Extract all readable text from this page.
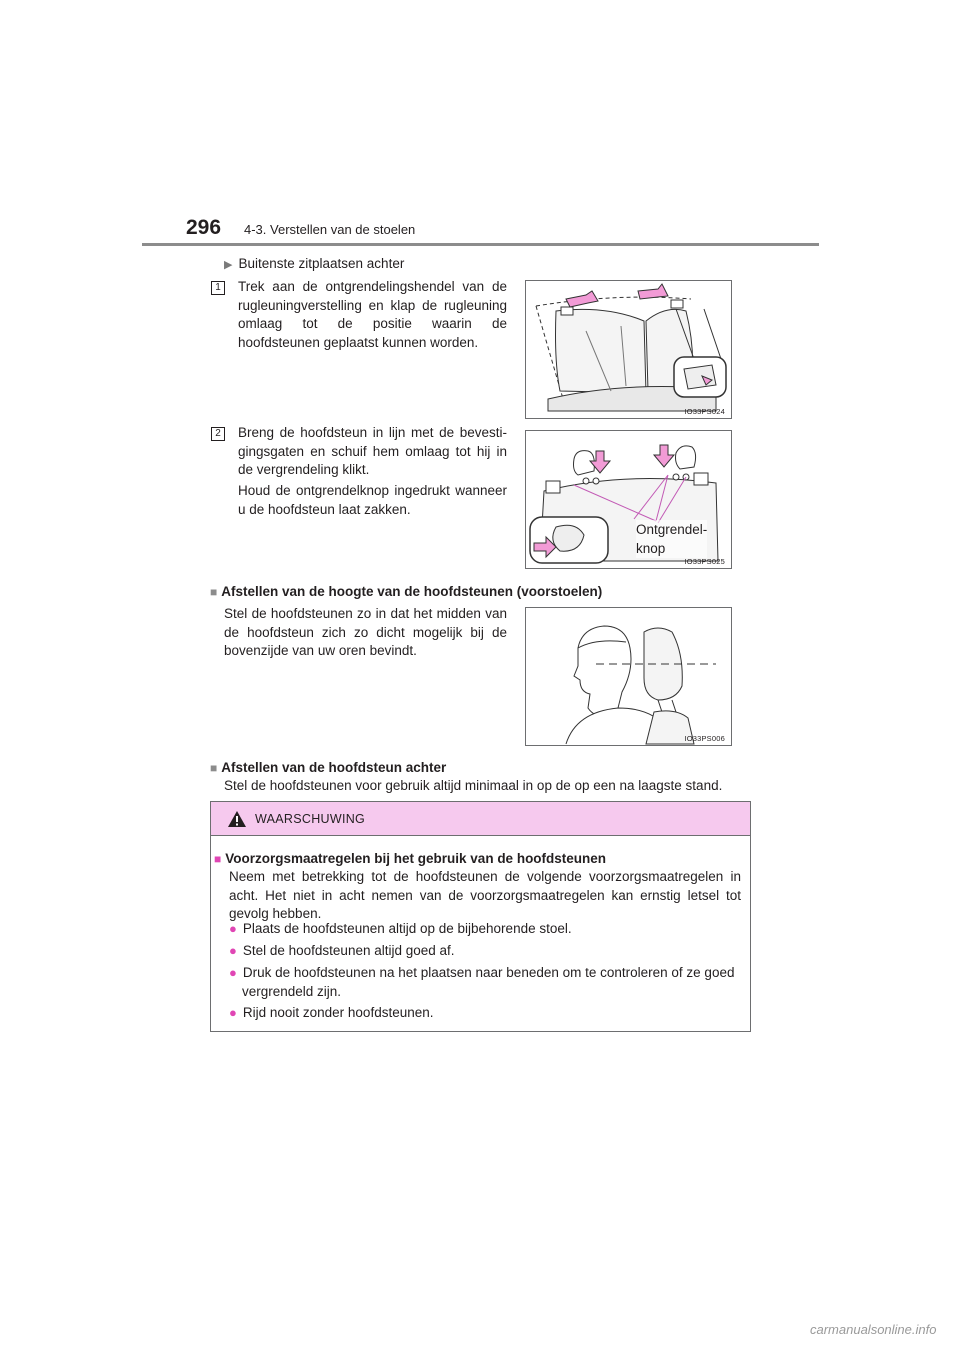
296 4-3. Verstellen van de stoelen
▶ Buitenste zitplaatsen achter
1	Trek aan de ontgrendelingshendel van de rugleuningverstelling en klap de rugleuning omlaag tot de positie waarin de hoofdsteunen geplaatst kunnen worden.
IO33PS024
2	Breng de hoofdsteun in lijn met de bevesti-gingsgaten en schuif hem omlaag tot hij in de vergrendeling klikt.
Houd de ontgrendelknop ingedrukt wanneer u de hoofdsteun laat zakken.
Ontgrendel-
knop
IO33PS025
■ Afstellen van de hoogte van de hoofdsteunen (voorstoelen)
Stel de hoofdsteunen zo in dat het midden van de hoofdsteun zich zo dicht mogelijk bij de bovenzijde van uw oren bevindt.
IO33PS006
■ Afstellen van de hoofdsteun achter
Stel de hoofdsteunen voor gebruik altijd minimaal in op de op een na laagste stand.
WAARSCHUWING
■ Voorzorgsmaatregelen bij het gebruik van de hoofdsteunen
Neem met betrekking tot de hoofdsteunen de volgende voorzorgsmaatregelen in acht. Het niet in acht nemen van de voorzorgsmaatregelen kan ernstig letsel tot gevolg hebben.
● Plaats de hoofdsteunen altijd op de bijbehorende stoel.
● Stel de hoofdsteunen altijd goed af.
● Druk de hoofdsteunen na het plaatsen naar beneden om te controleren of ze goed vergrendeld zijn.
● Rijd nooit zonder hoofdsteunen.
carmanualsonline.info
